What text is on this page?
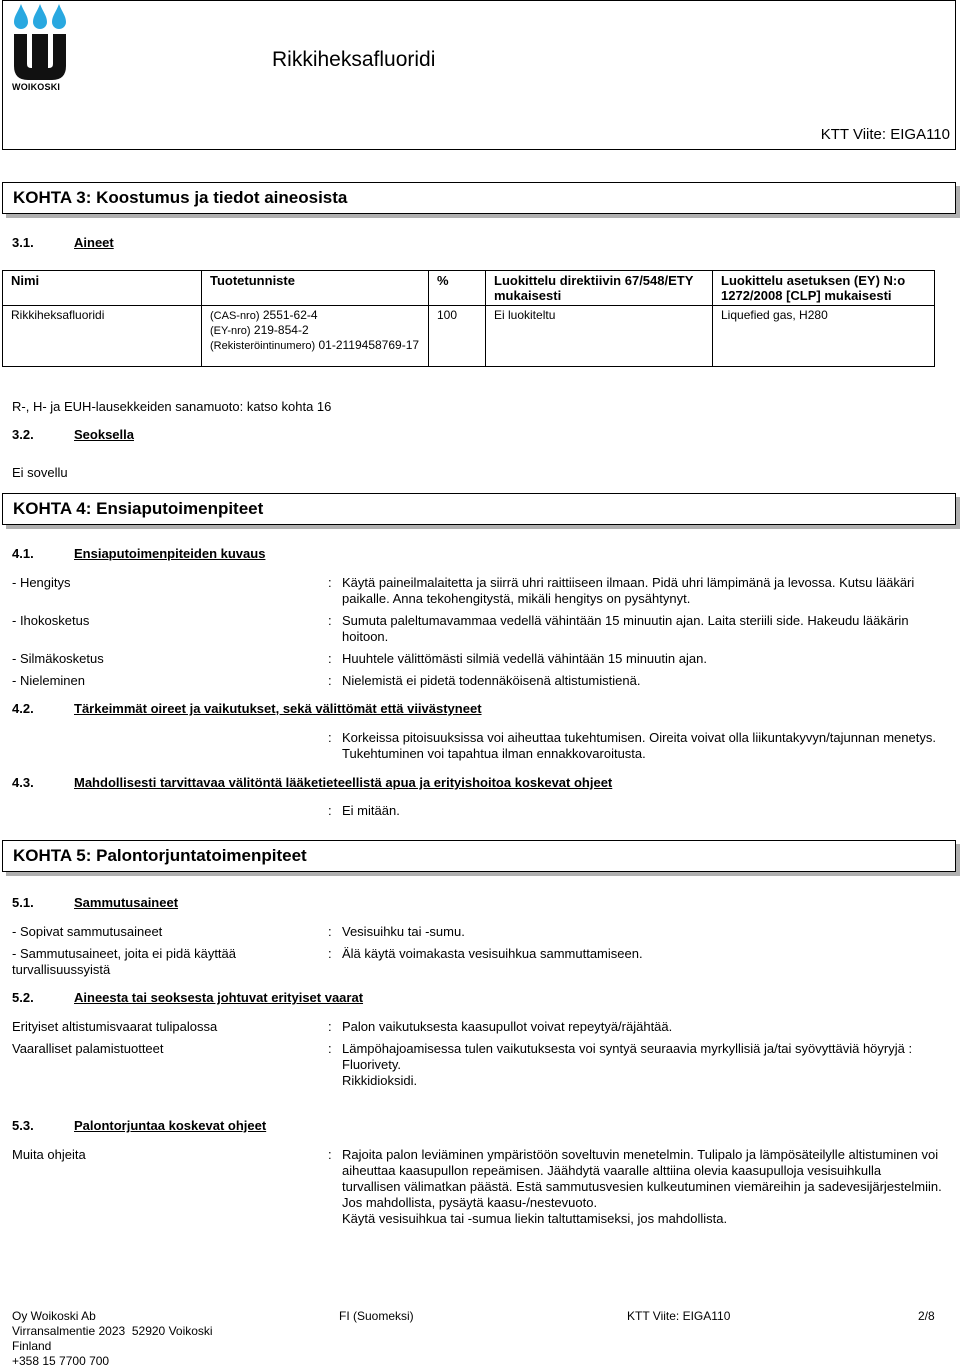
WOIKOSKI
Rikkiheksafluoridi
KTT Viite: EIGA110
KOHTA 3: Koostumus ja tiedot aineosista
3.1.	Aineet
Nimi	Tuotetunniste	%	Luokittelu direktiivin 67/548/ETY mukaisesti	Luokittelu asetuksen (EY) N:o 1272/2008 [CLP] mukaisesti
Rikkiheksafluoridi	(CAS-nro) 2551-62-4
(EY-nro) 219-854-2
(Rekisteröintinumero) 01-2119458769-17	100	Ei luokiteltu	Liquefied gas, H280
R-, H- ja EUH-lausekkeiden sanamuoto: katso kohta 16
3.2.	Seoksella
Ei sovellu
KOHTA 4: Ensiaputoimenpiteet
4.1.	Ensiaputoimenpiteiden kuvaus
- Hengitys	: Käytä paineilmalaitetta ja siirrä uhri raittiiseen ilmaan. Pidä uhri lämpimänä ja levossa. Kutsu lääkäri paikalle. Anna tekohengitystä, mikäli hengitys on pysähtynyt.
- Ihokosketus	: Sumuta paleltumavammaa vedellä vähintään 15 minuutin ajan. Laita steriili side. Hakeudu lääkärin hoitoon.
- Silmäkosketus	: Huuhtele välittömästi silmiä vedellä vähintään 15 minuutin ajan.
- Nieleminen	: Nielemistä ei pidetä todennäköisenä altistumistienä.
4.2.	Tärkeimmät oireet ja vaikutukset, sekä välittömät että viivästyneet
: Korkeissa pitoisuuksissa voi aiheuttaa tukehtumisen. Oireita voivat olla liikuntakyvyn/tajunnan menetys. Tukehtuminen voi tapahtua ilman ennakkovaroitusta.
4.3.	Mahdollisesti tarvittavaa välitöntä lääketieteellistä apua ja erityishoitoa koskevat ohjeet
: Ei mitään.
KOHTA 5: Palontorjuntatoimenpiteet
5.1.	Sammutusaineet
- Sopivat sammutusaineet	: Vesisuihku tai -sumu.
- Sammutusaineet, joita ei pidä käyttää turvallisuussyistä
: Älä käytä voimakasta vesisuihkua sammuttamiseen.
5.2.	Aineesta tai seoksesta johtuvat erityiset vaarat
Erityiset altistumisvaarat tulipalossa	: Palon vaikutuksesta kaasupullot voivat repeytyä/räjähtää.
Vaaralliset palamistuotteet	: Lämpöhajoamisessa tulen vaikutuksesta voi syntyä seuraavia myrkyllisiä ja/tai syövyttäviä höyryjä :
Fluorivety.
Rikkidioksidi.
5.3.	Palontorjuntaa koskevat ohjeet
Muita ohjeita	: Rajoita palon leviäminen ympäristöön soveltuvin menetelmin. Tulipalo ja lämpösäteilylle altistuminen voi aiheuttaa kaasupullon repeämisen. Jäähdytä vaaralle alttiina olevia kaasupulloja vesisuihkulla turvallisen välimatkan päästä. Estä sammutusvesien kulkeutuminen viemäreihin ja sadevesijärjestelmiin.
Jos mahdollista, pysäytä kaasu-/nestevuoto.
Käytä vesisuihkua tai -sumua liekin taltuttamiseksi, jos mahdollista.
Oy Woikoski Ab
Virransalmentie 2023 52920 Voikoski
Finland
+358 15 7700 700
FI (Suomeksi)	KTT Viite: EIGA110	2/8
